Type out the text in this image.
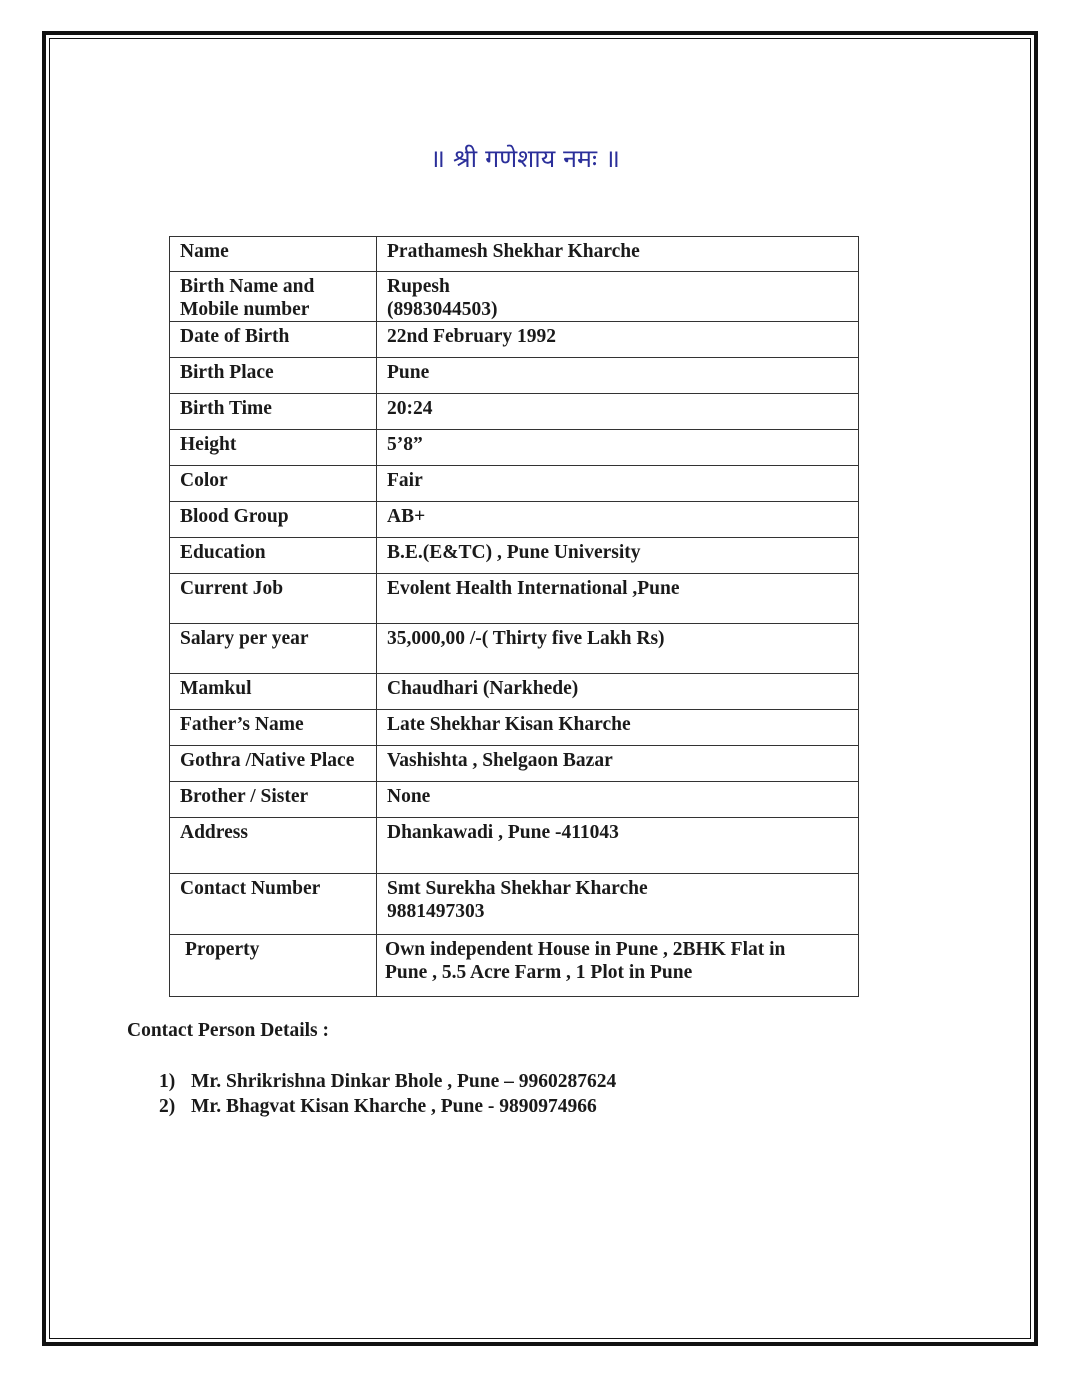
॥ श्री गणेशाय नमः ॥
Name	Prathamesh Shekhar Kharche
Birth Name and
Mobile number	Rupesh
(8983044503)
Date of Birth	22nd February 1992
Birth Place	Pune
Birth Time	20:24
Height	5’8”
Color	Fair
Blood Group	AB+
Education	B.E.(E&TC) , Pune University
Current Job	Evolent Health International ,Pune
Salary per year	35,000,00 /-( Thirty five Lakh Rs)
Mamkul	Chaudhari (Narkhede)
Father’s Name	Late Shekhar Kisan Kharche
Gothra /Native Place	Vashishta , Shelgaon Bazar
Brother / Sister	None
Address	Dhankawadi , Pune -411043
Contact Number	Smt Surekha Shekhar Kharche
9881497303
Property	Own independent House in Pune , 2BHK Flat in
Pune , 5.5 Acre Farm , 1 Plot in Pune
Contact Person Details :
1) Mr. Shrikrishna Dinkar Bhole , Pune – 9960287624
2) Mr. Bhagvat Kisan Kharche , Pune - 9890974966
